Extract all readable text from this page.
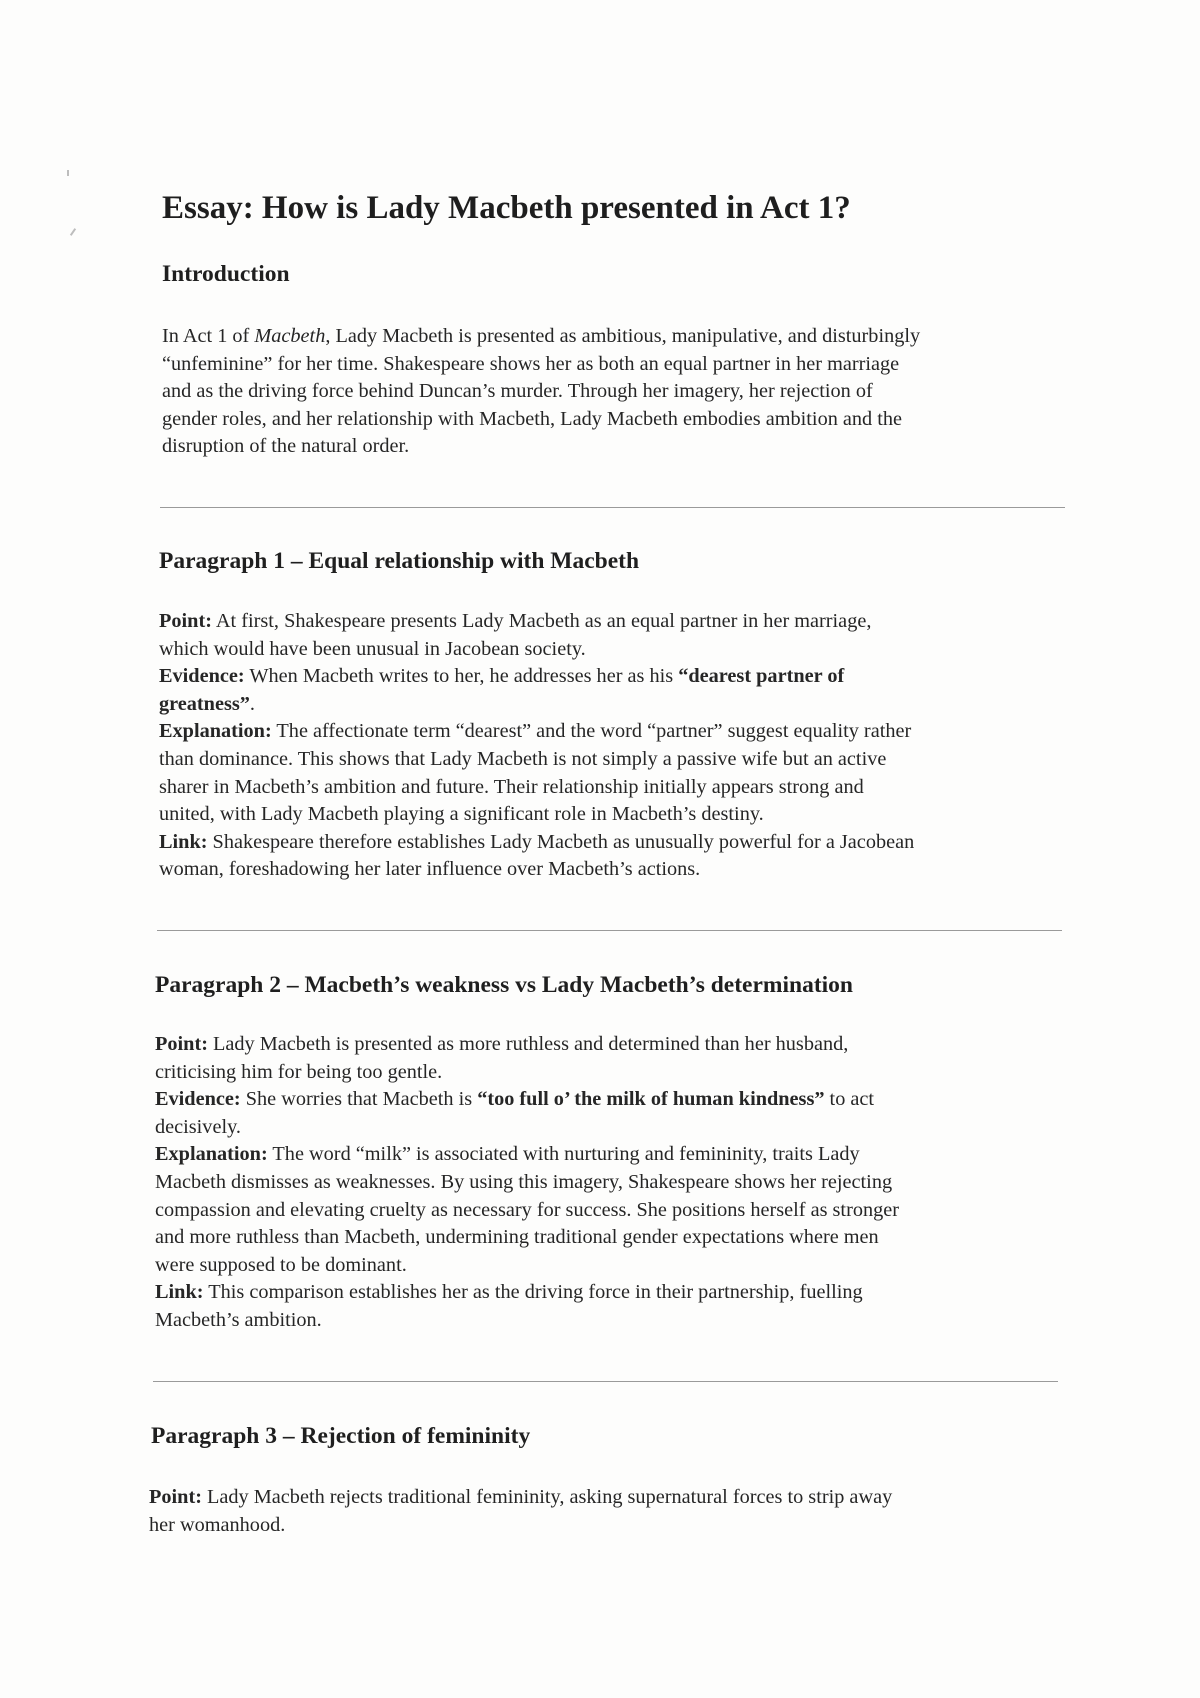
Essay: How is Lady Macbeth presented in Act 1?
Introduction
In Act 1 of Macbeth, Lady Macbeth is presented as ambitious, manipulative, and disturbingly
“unfeminine” for her time. Shakespeare shows her as both an equal partner in her marriage
and as the driving force behind Duncan’s murder. Through her imagery, her rejection of
gender roles, and her relationship with Macbeth, Lady Macbeth embodies ambition and the
disruption of the natural order.
Paragraph 1 – Equal relationship with Macbeth
Point: At first, Shakespeare presents Lady Macbeth as an equal partner in her marriage,
which would have been unusual in Jacobean society.
Evidence: When Macbeth writes to her, he addresses her as his “dearest partner of
greatness”.
Explanation: The affectionate term “dearest” and the word “partner” suggest equality rather
than dominance. This shows that Lady Macbeth is not simply a passive wife but an active
sharer in Macbeth’s ambition and future. Their relationship initially appears strong and
united, with Lady Macbeth playing a significant role in Macbeth’s destiny.
Link: Shakespeare therefore establishes Lady Macbeth as unusually powerful for a Jacobean
woman, foreshadowing her later influence over Macbeth’s actions.
Paragraph 2 – Macbeth’s weakness vs Lady Macbeth’s determination
Point: Lady Macbeth is presented as more ruthless and determined than her husband,
criticising him for being too gentle.
Evidence: She worries that Macbeth is “too full o’ the milk of human kindness” to act
decisively.
Explanation: The word “milk” is associated with nurturing and femininity, traits Lady
Macbeth dismisses as weaknesses. By using this imagery, Shakespeare shows her rejecting
compassion and elevating cruelty as necessary for success. She positions herself as stronger
and more ruthless than Macbeth, undermining traditional gender expectations where men
were supposed to be dominant.
Link: This comparison establishes her as the driving force in their partnership, fuelling
Macbeth’s ambition.
Paragraph 3 – Rejection of femininity
Point: Lady Macbeth rejects traditional femininity, asking supernatural forces to strip away
her womanhood.
